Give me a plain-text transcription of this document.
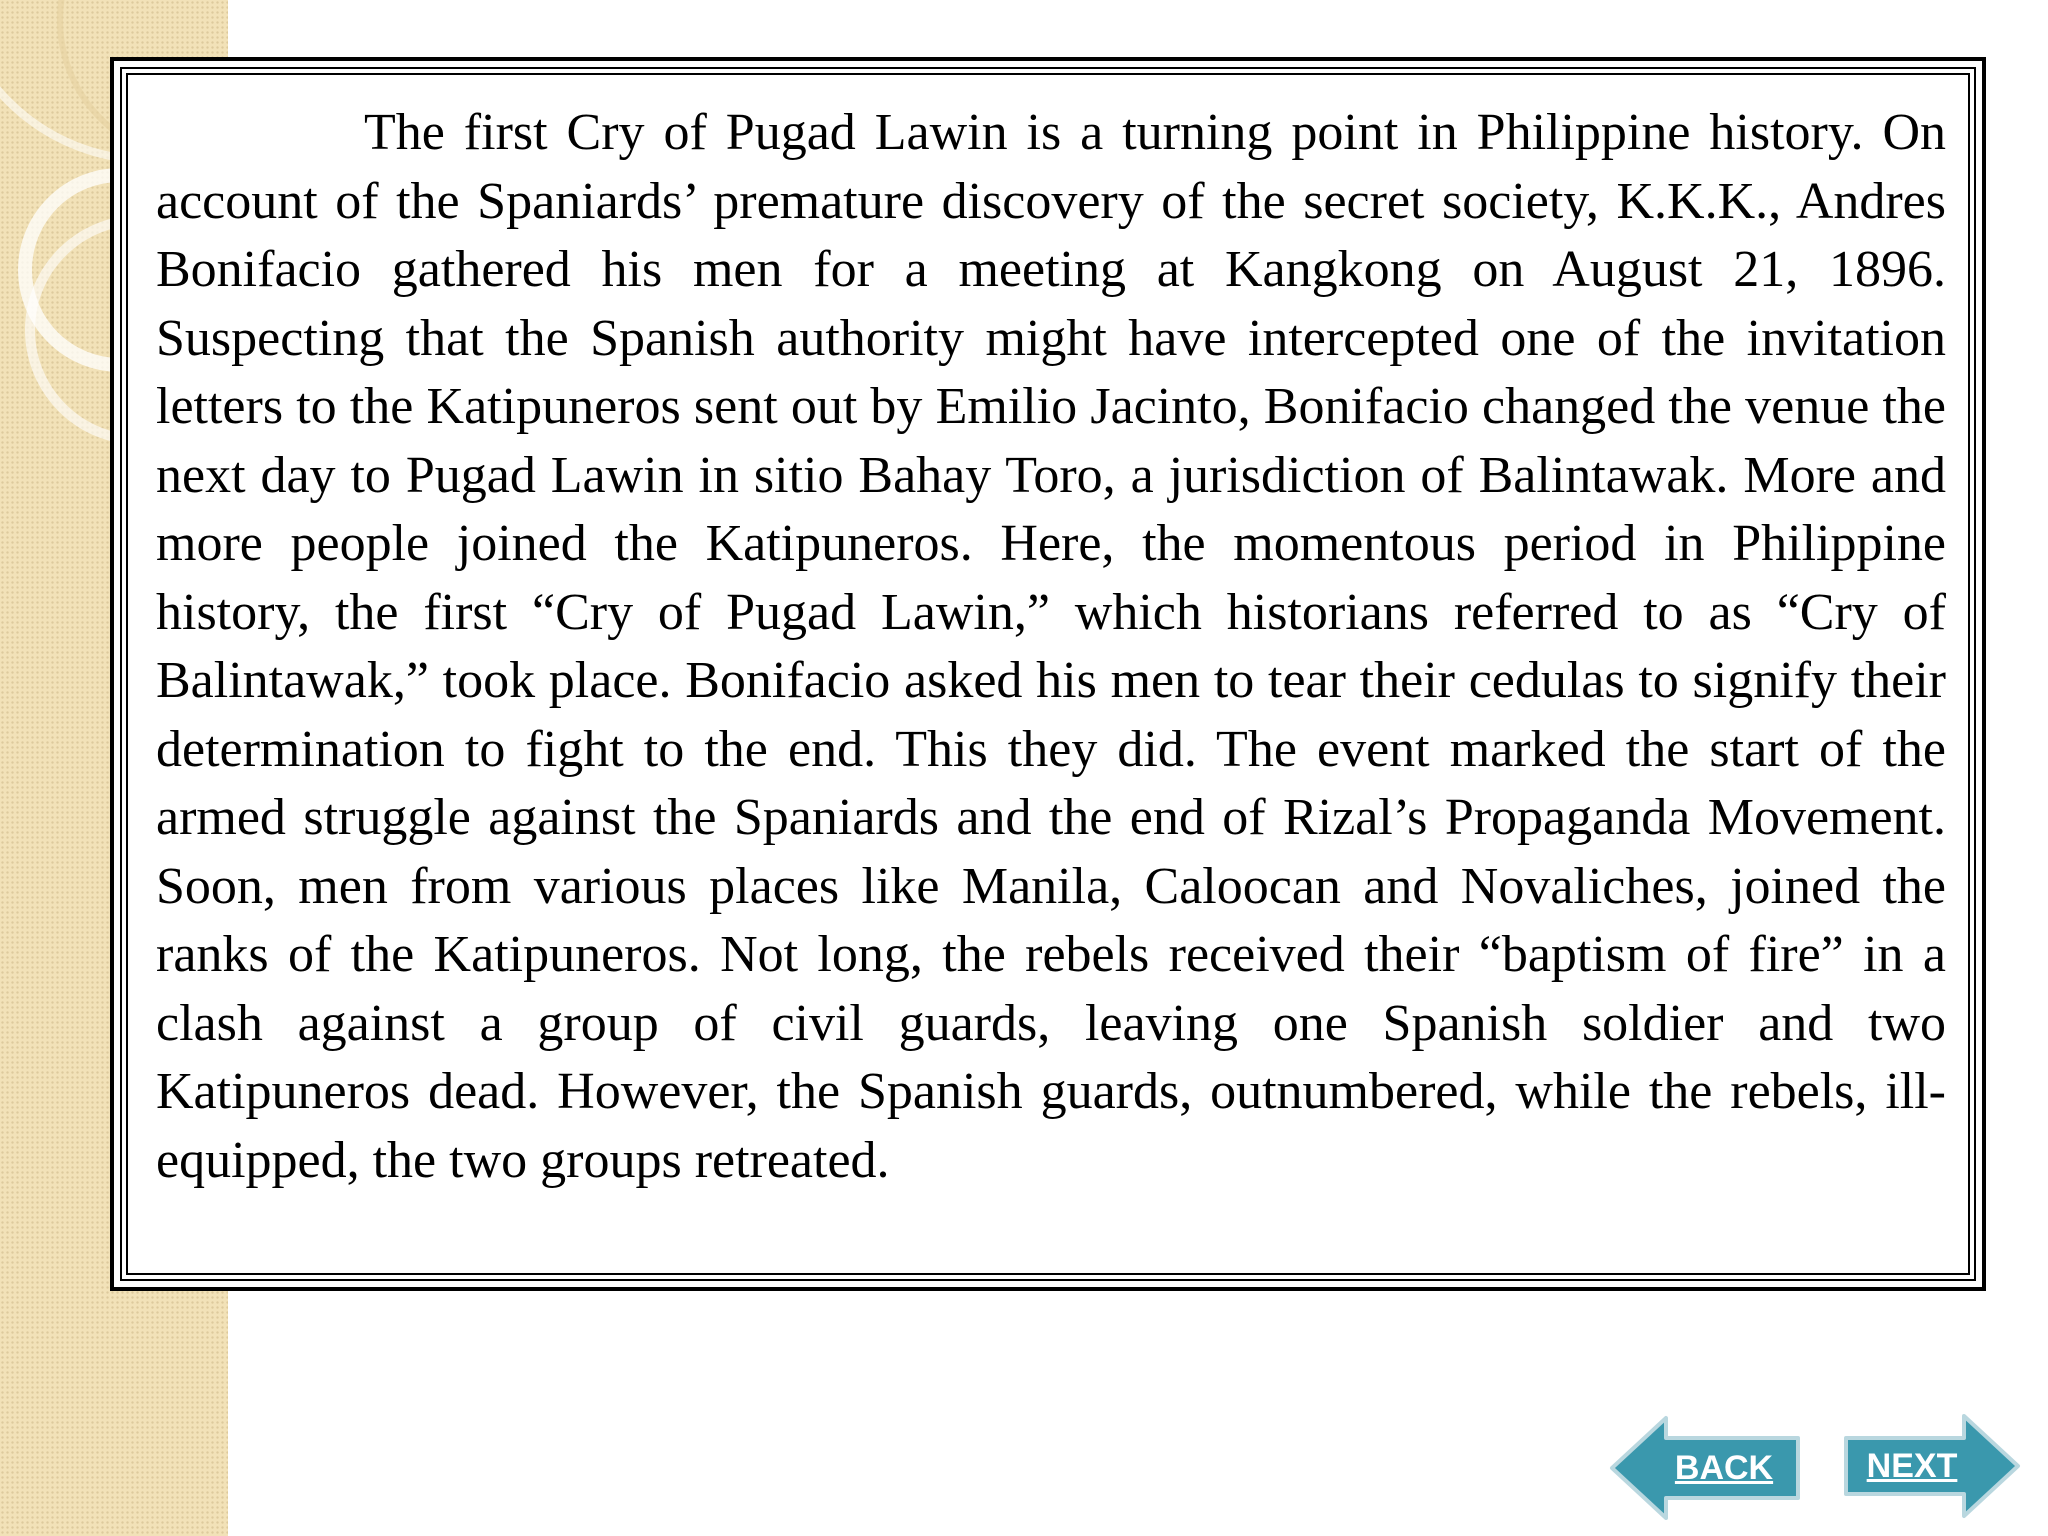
The first Cry of Pugad Lawin is a turning point in Philippine history. On account of the Spaniards’ premature discovery of the secret society, K.K.K., Andres Bonifacio gathered his men for a meeting at Kangkong on August 21, 1896. Suspecting that the Spanish authority might have intercepted one of the invitation letters to the Katipuneros sent out by Emilio Jacinto, Bonifacio changed the venue the next day to Pugad Lawin in sitio Bahay Toro, a jurisdiction of Balintawak. More and more people joined the Katipuneros. Here, the momentous period in Philippine history, the first “Cry of Pugad Lawin,” which historians referred to as “Cry of Balintawak,” took place. Bonifacio asked his men to tear their cedulas to signify their determination to fight to the end. This they did. The event marked the start of the armed struggle against the Spaniards and the end of Rizal’s Propaganda Movement. Soon, men from various places like Manila, Caloocan and Novaliches, joined the ranks of the Katipuneros. Not long, the rebels received their “baptism of fire” in a clash against a group of civil guards, leaving one Spanish soldier and two Katipuneros dead. However, the Spanish guards, outnumbered, while the rebels, ill- equipped, the two groups retreated.

BACK	NEXT
